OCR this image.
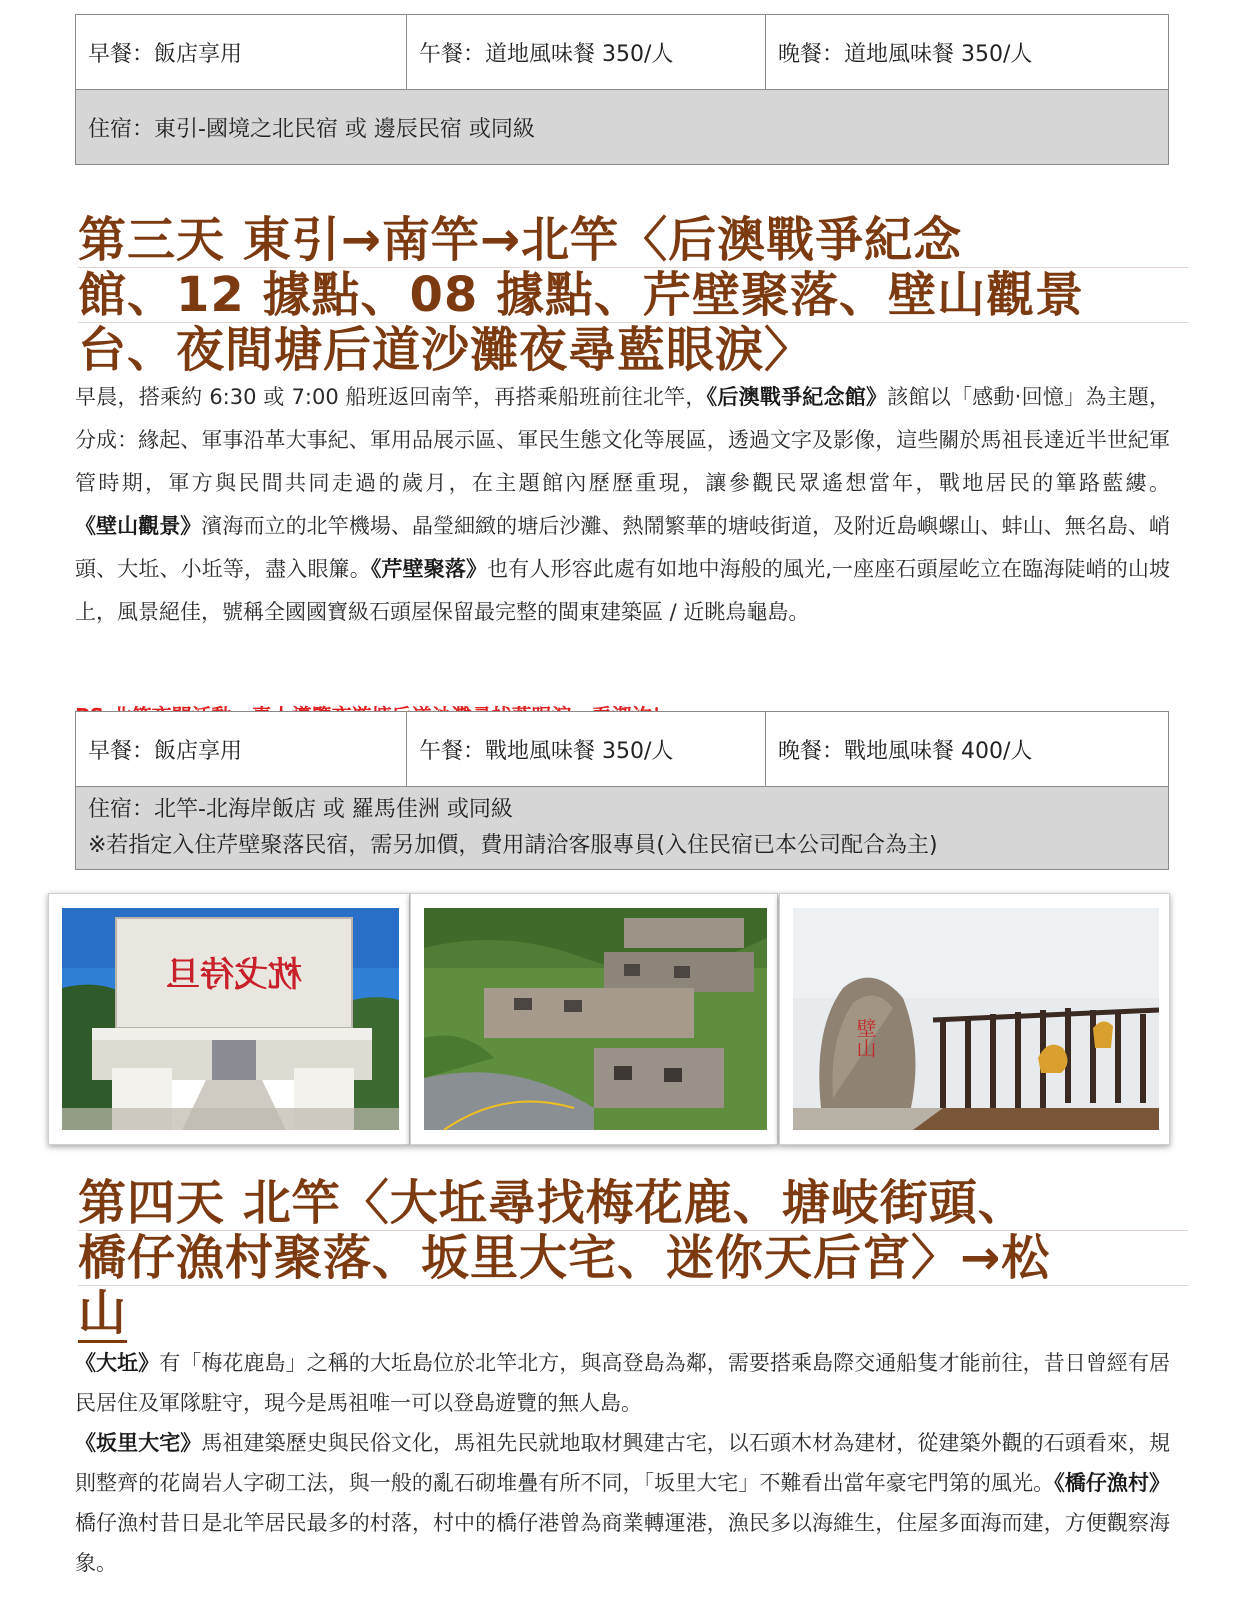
早餐：飯店享用	午餐：道地風味餐 350/人	晚餐：道地風味餐 350/人
住宿：東引-國境之北民宿 或 邊辰民宿 或同級
第三天 東引→南竿→北竿〈后澳戰爭紀念
館、12 據點、08 據點、芹壁聚落、壁山觀景
台、夜間塘后道沙灘夜尋藍眼淚〉

早晨，搭乘約 6:30 或 7:00 船班返回南竿，再搭乘船班前往北竿，《后澳戰爭紀念館》該館以「感動‧回憶」為主題，分成：緣起、軍事沿革大事紀、軍用品展示區、軍民生態文化等展區，透過文字及影像，這些關於馬祖長達近半世紀軍管時期，軍方與民間共同走過的歲月，在主題館內歷歷重現，讓參觀民眾遙想當年，戰地居民的篳路藍縷。《壁山觀景》濱海而立的北竿機場、晶瑩細緻的塘后沙灘、熱鬧繁華的塘岐街道，及附近島嶼螺山、蚌山、無名島、峭頭、大坵、小坵等，盡入眼簾。《芹壁聚落》也有人形容此處有如地中海般的風光,一座座石頭屋屹立在臨海陡峭的山坡上，風景絕佳，號稱全國國寶級石頭屋保留最完整的閩東建築區 / 近眺烏龜島。

早餐：飯店享用	午餐：戰地風味餐 350/人	晚餐：戰地風味餐 400/人

住宿：北竿-北海岸飯店 或 羅馬佳洲 或同級
※若指定入住芹壁聚落民宿，需另加價，費用請洽客服專員(入住民宿已本公司配合為主)
枕戈待旦
壁山
第四天 北竿〈大坵尋找梅花鹿、塘岐街頭、
橋仔漁村聚落、坂里大宅、迷你天后宮〉→松
山

《大坵》有「梅花鹿島」之稱的大坵島位於北竿北方，與高登島為鄰，需要搭乘島際交通船隻才能前往，昔日曾經有居民居住及軍隊駐守，現今是馬祖唯一可以登島遊覽的無人島。
《坂里大宅》馬祖建築歷史與民俗文化，馬祖先民就地取材興建古宅，以石頭木材為建材，從建築外觀的石頭看來，規則整齊的花崗岩人字砌工法，與一般的亂石砌堆疊有所不同，「坂里大宅」不難看出當年豪宅門第的風光。《橋仔漁村》橋仔漁村昔日是北竿居民最多的村落，村中的橋仔港曾為商業轉運港，漁民多以海維生，住屋多面海而建，方便觀察海象。
